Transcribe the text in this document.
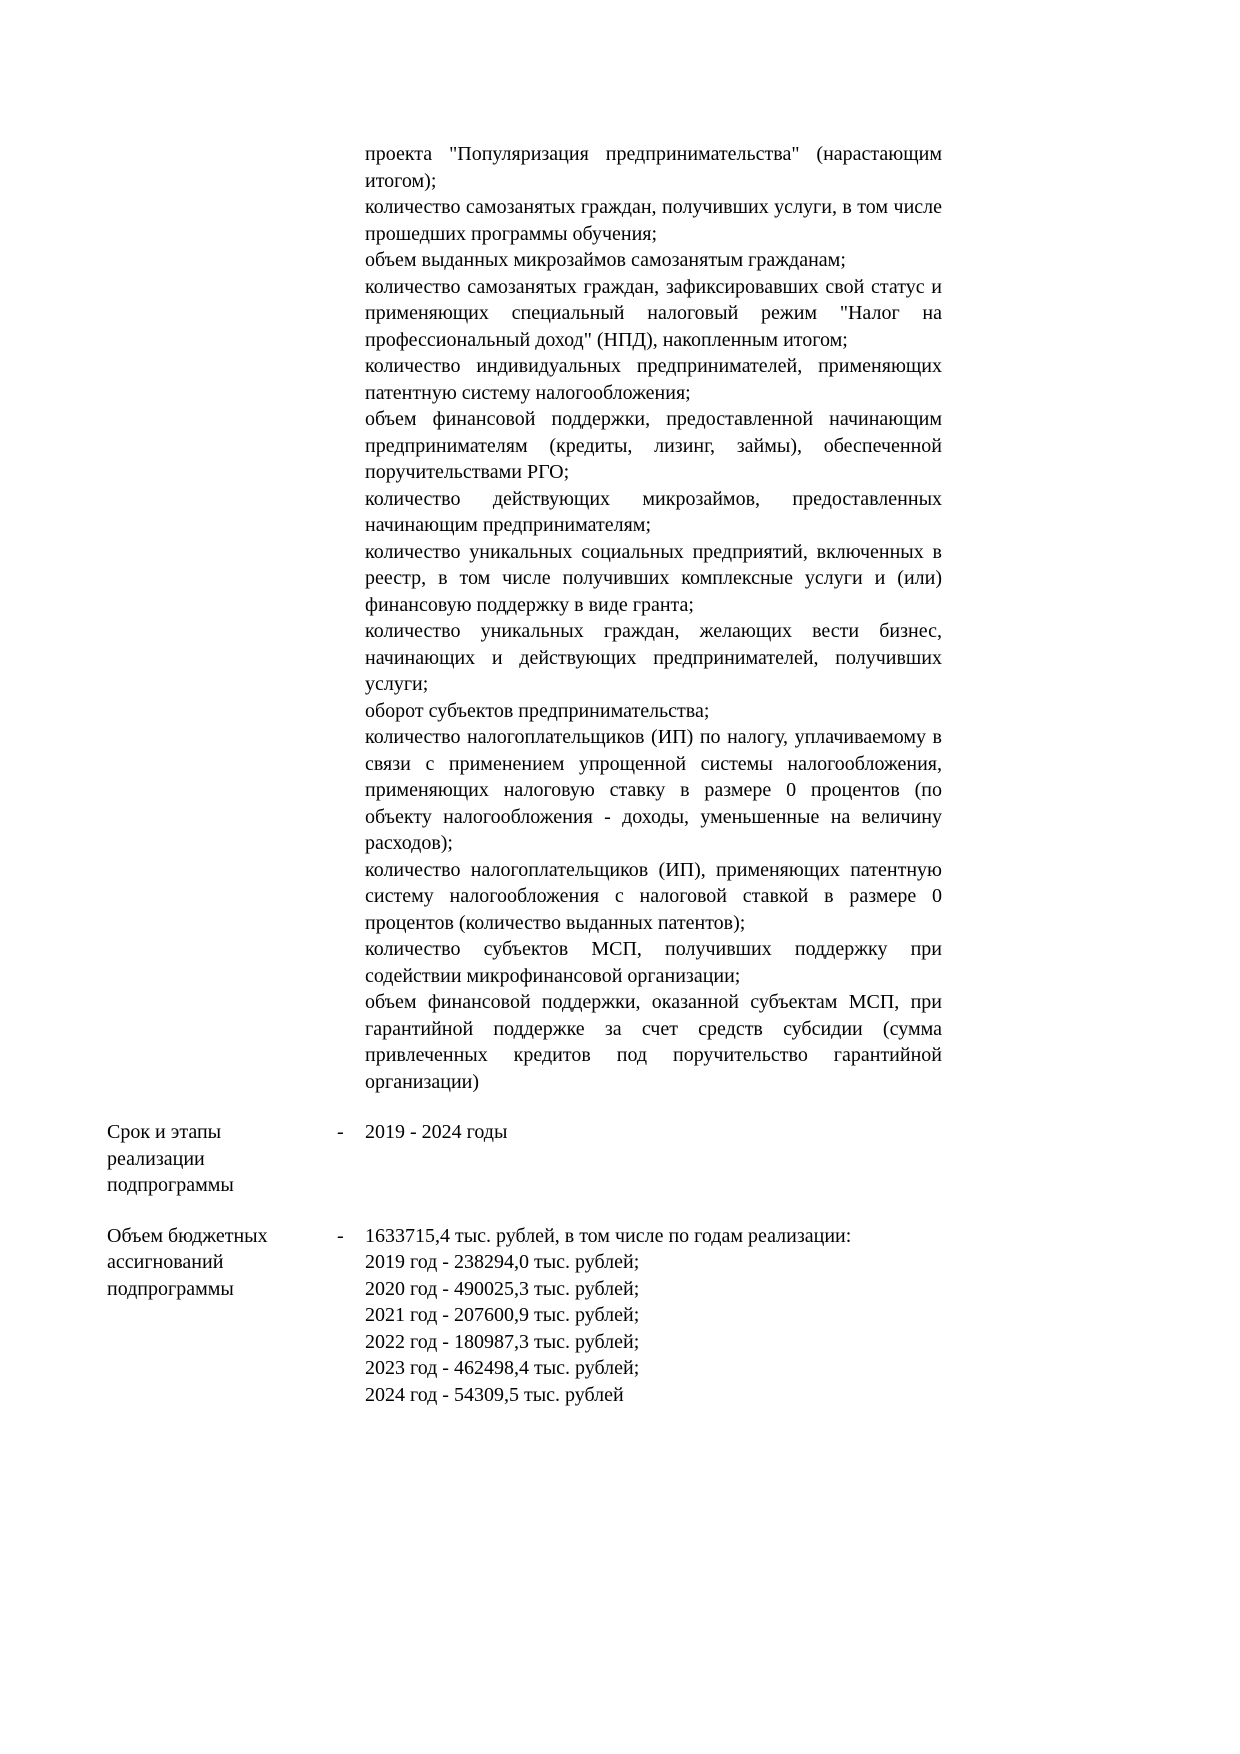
проекта "Популяризация предпринимательства" (нарастающим итогом);

количество самозанятых граждан, получивших услуги, в том числе прошедших программы обучения;

объем выданных микрозаймов самозанятым гражданам;

количество самозанятых граждан, зафиксировавших свой статус и применяющих специальный налоговый режим "Налог на профессиональный доход" (НПД), накопленным итогом;

количество индивидуальных предпринимателей, применяющих патентную систему налогообложения;

объем финансовой поддержки, предоставленной начинающим предпринимателям (кредиты, лизинг, займы), обеспеченной поручительствами РГО;

количество действующих микрозаймов, предоставленных начинающим предпринимателям;

количество уникальных социальных предприятий, включенных в реестр, в том числе получивших комплексные услуги и (или) финансовую поддержку в виде гранта;

количество уникальных граждан, желающих вести бизнес, начинающих и действующих предпринимателей, получивших услуги;

оборот субъектов предпринимательства;

количество налогоплательщиков (ИП) по налогу, уплачиваемому в связи с применением упрощенной системы налогообложения, применяющих налоговую ставку в размере 0 процентов (по объекту налогообложения - доходы, уменьшенные на величину расходов);

количество налогоплательщиков (ИП), применяющих патентную систему налогообложения с налоговой ставкой в размере 0 процентов (количество выданных патентов);

количество субъектов МСП, получивших поддержку при содействии микрофинансовой организации;

объем финансовой поддержки, оказанной субъектам МСП, при гарантийной поддержке за счет средств субсидии (сумма привлеченных кредитов под поручительство гарантийной организации)

Срок и этапы реализации подпрограммы
-	2019 - 2024 годы

Объем бюджетных ассигнований подпрограммы
-	1633715,4 тыс. рублей, в том числе по годам реализации:

2019 год - 238294,0 тыс. рублей;

2020 год - 490025,3 тыс. рублей;

2021 год - 207600,9 тыс. рублей;

2022 год - 180987,3 тыс. рублей;

2023 год - 462498,4 тыс. рублей;

2024 год - 54309,5 тыс. рублей
